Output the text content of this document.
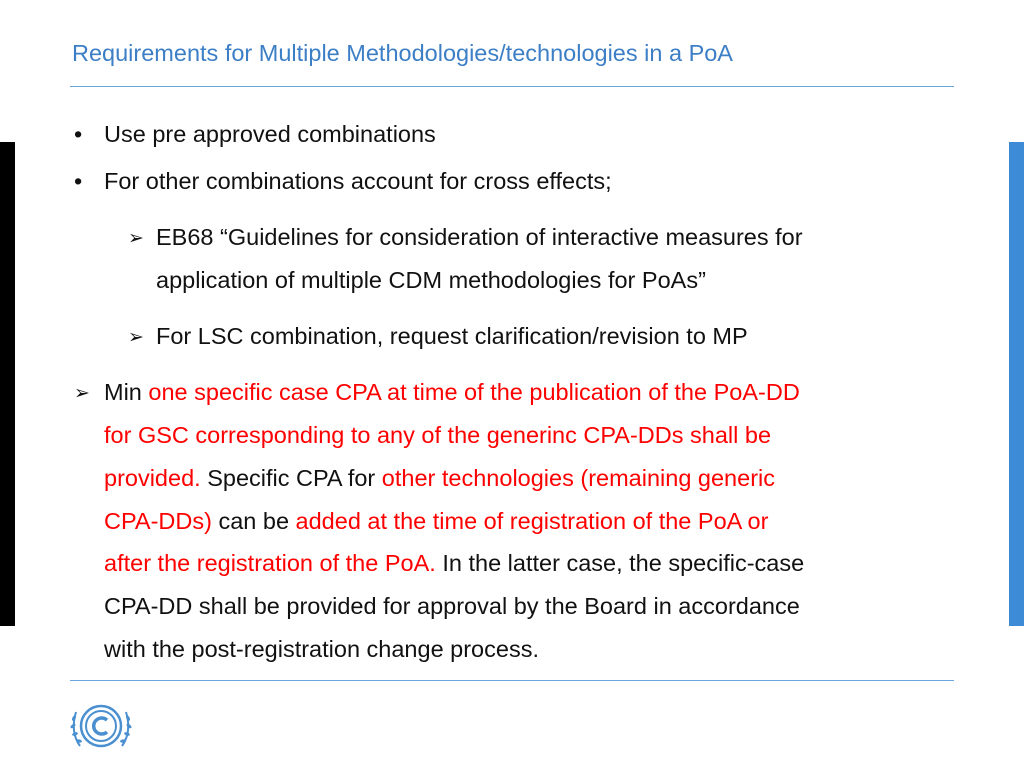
Requirements for Multiple Methodologies/technologies in a PoA
• Use pre approved combinations
• For other combinations account for cross effects;
➢ EB68 “Guidelines for consideration of interactive measures for
application of multiple CDM methodologies for PoAs”
➢ For LSC combination, request clarification/revision to MP
➢ Min one specific case CPA at time of the publication of the PoA-DD
for GSC corresponding to any of the generinc CPA-DDs shall be
provided. Specific CPA for other technologies (remaining generic
CPA-DDs) can be added at the time of registration of the PoA or
after the registration of the PoA. In the latter case, the specific-case
CPA-DD shall be provided for approval by the Board in accordance
with the post-registration change process.
